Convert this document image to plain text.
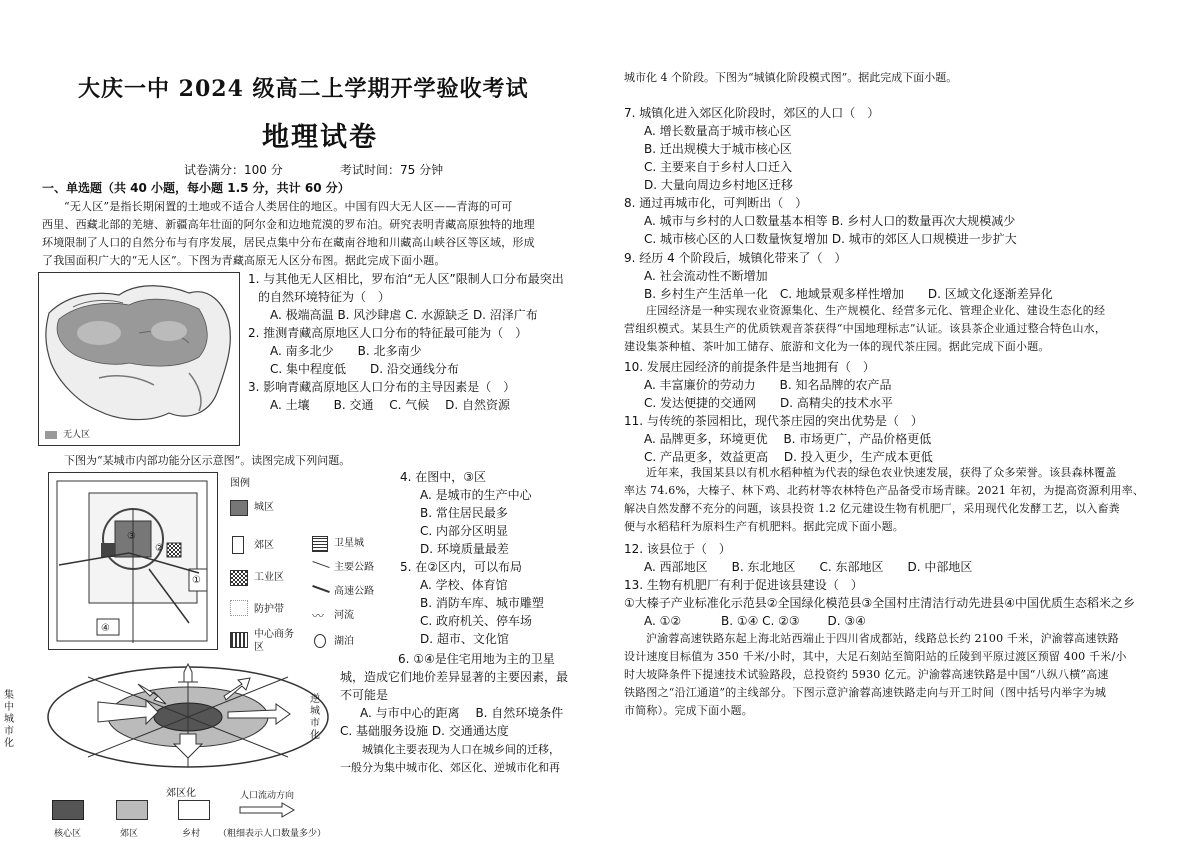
大庆一中 2024 级高二上学期开学验收考试
地理试卷
试卷满分：100 分	考试时间：75 分钟
一、单选题（共 40 小题，每小题 1.5 分，共计 60 分）
“无人区”是指长期闲置的土地或不适合人类居住的地区。中国有四大无人区——青海的可可
西里、西藏北部的羌塘、新疆高年壮面的阿尔金和边地荒漠的罗布泊。研究表明青藏高原独特的地理
环境限制了人口的自然分布与有序发展，居民点集中分布在藏南谷地和川藏高山峡谷区等区域，形成
了我国面积广大的“无人区”。下图为青藏高原无人区分布图。据此完成下面小题。
无人区
1. 与其他无人区相比，罗布泊“无人区”限制人口分布最突出
的自然环境特征为（　）
A. 极端高温 B. 风沙肆虐 C. 水源缺乏 D. 沼泽广布
2. 推测青藏高原地区人口分布的特征最可能为（　）
A. 南多北少　　B. 北多南少
C. 集中程度低　　D. 沿交通线分布
3. 影响青藏高原地区人口分布的主导因素是（　）
A. 土壤　　B. 交通　 C. 气候　 D. 自然资源
下图为“某城市内部功能分区示意图”。读图完成下列问题。
③
②
①
④
图例
城区
卫星城
郊区
主要公路
工业区
高速公路
防护带 〰 河流
中心商务区
湖泊
4. 在图中，③区
A. 是城市的生产中心
B. 常住居民最多
C. 内部分区明显
D. 环境质量最差
5. 在②区内，可以布局
A. 学校、体育馆
B. 消防车库、城市雕塑
C. 政府机关、停车场
D. 超市、文化馆
6. ①④是住宅用地为主的卫星
城，造成它们地价差异显著的主要因素，最
不可能是
A. 与市中心的距离　 B. 自然环境条件
C. 基础服务设施 D. 交通通达度
城镇化主要表现为人口在城乡间的迁移，
一般分为集中城市化、郊区化、逆城市化和再
集中城市化
逆城市化
郊区化
核心区	郊区	乡村
人口流动方向
（粗细表示人口数量多少）
城市化 4 个阶段。下图为“城镇化阶段模式图”。据此完成下面小题。
7. 城镇化进入郊区化阶段时，郊区的人口（　）
A. 增长数量高于城市核心区
B. 迁出规模大于城市核心区
C. 主要来自于乡村人口迁入
D. 大量向周边乡村地区迁移
8. 通过再城市化，可判断出（　）
A. 城市与乡村的人口数量基本相等 B. 乡村人口的数量再次大规模减少
C. 城市核心区的人口数量恢复增加 D. 城市的郊区人口规模进一步扩大
9. 经历 4 个阶段后，城镇化带来了（　）
A. 社会流动性不断增加
B. 乡村生产生活单一化　C. 地域景观多样性增加　　D. 区域文化逐渐差异化
庄园经济是一种实现农业资源集化、生产规模化、经营多元化、管理企业化、建设生态化的经
营组织模式。某县生产的优质铁观音茶获得“中国地理标志”认证。该县茶企业通过整合特色山水，
建设集茶种植、茶叶加工储存、旅游和文化为一体的现代茶庄园。据此完成下面小题。
10. 发展庄园经济的前提条件是当地拥有（　）
A. 丰富廉价的劳动力　　B. 知名品牌的农产品
C. 发达便捷的交通网　　D. 高精尖的技术水平
11. 与传统的茶园相比，现代茶庄园的突出优势是（　）
A. 品牌更多，环境更优　 B. 市场更广，产品价格更低
C. 产品更多，效益更高　 D. 投入更少，生产成本更低
近年来，我国某县以有机水稻种植为代表的绿色农业快速发展，获得了众多荣誉。该县森林覆盖
率达 74.6%，大榛子、林下鸡、北药材等农林特色产品备受市场青睐。2021 年初，为提高资源利用率、
解决自然发酵不充分的问题，该县投资 1.2 亿元建设生物有机肥厂，采用现代化发酵工艺，以入畜粪
便与水稻秸秆为原料生产有机肥料。据此完成下面小题。
12. 该县位于（　）
A. 西部地区　　B. 东北地区　　C. 东部地区　　D. 中部地区
13. 生物有机肥厂有利于促进该县建设（　）
①大榛子产业标准化示范县②全国绿化模范县③全国村庄清洁行动先进县④中国优质生态稻米之乡
A. ①②　　　 B. ①④ C. ②③　　 D. ③④
沪渝蓉高速铁路东起上海北站西端止于四川省成都站，线路总长约 2100 千米，沪渝蓉高速铁路
设计速度目标值为 350 千米/小时，其中，大足石刻站至简阳站的丘陵到平原过渡区预留 400 千米/小
时大坡降条件下提速技术试验路段，总投资约 5930 亿元。沪渝蓉高速铁路是中国“八纵八横”高速
铁路图之“沿江通道”的主线部分。下图示意沪渝蓉高速铁路走向与开工时间（图中括号内举字为城
市简称）。完成下面小题。
